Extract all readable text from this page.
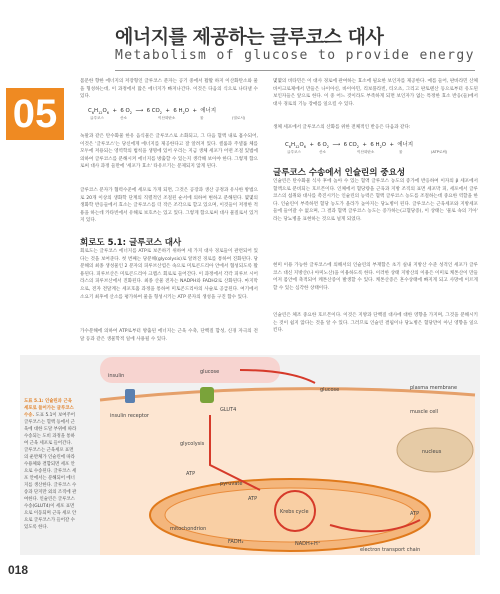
에너지를 제공하는 글루코스 대사
Metabolism of glucose to provide energy
05
몸문한 향한 에너지의 저장형인 글루코스 분자는 공기 중에서 활활 하지 이산화탄소와 물을 형성하는데, 이 과정에서 많은 에너지가 빠져나간다. 이것은 다음의 식으로 나타낼 수 있다.
$C_6H_{12}O_6 + 6$ $O_2$  ⟶  6 $CO_2 + 6$ $H_2O$  +  에너지
글루코스	산소	이산화탄소	물	(열로서)
녹말과 같은 탄수화물 한유 음식물은 글루코스로 소화되고, 그 다음 혈액 내로 흡수되어, 이것은 '글루코스'는 당신에게 에너지를 제공한다고 잘 알려져 있다. 셀룰과 주셀룰 체를 모두에 저용되는 영역학의 법칙을 생명에 있어 우리는 지금 생체 세포가 어떤 조절 있법에 의하여 글루코스를 분해시켜 에너지를 방출할 수 있는지 생각해 보아야 한다. 그렇게 함으로써 대사 과정 들만에 '세포가 효소' 타유르기는 문제되지 않게 된다.
글루코스 분자가 협력수준에 세포로 가게 되면, 그것은 공장과 생산 공정과 유사한 방법으로 20개 이상의 생화학 단계의 직렬적인 조절된 순서에 의하여 변하고 분해된다. 몇몇의 생화학 반응들에서 효소는 글루코스를 더 작은 조각으로 할고 있으며, 이것들이 저정한 적용을 하는데 카타빈에서 유해로 보호쓰는 있고 있다. 그렇게 함으로써 대사 물질로서 있거지 있다.
회로도 5.1: 글루코스 대사
회로도는 글루코스 에너지를 ATP로 보존하기 위하여 세 가지 대사 경로들이 관련되어 있다는 것을 보여준다. 첫 번째는 당분해(glycolysis)로 알려진 경로를 통하여 진화된다. 당분해의 최종 생성물인 2 분자의 피루브산염은 속으로 미토콘드리아 안에서 협성되도록 활용된다. 피루브산은 미토콘드리아 크렙스 회로로 들어간다. 이 과정에서 각각 피루브 시어라스의 피루브산에서 진화된다. 최종 산물 전자는 NADPH와 FADH2로 산화된다. 마지막 으로, 전자 전달계는 세포호흡 과정을 통하여 미토콘드리아의 사슬로 공급된다. 여기에서 소요기 최후에 산소를 평가하여 물을 형성시키는 ATP 분자의 생성을 구진 함수 있다.
가수분해에 의하여 ATP로부터 방출된 에너지는 근육 수축, 단백질 합성, 신경 자극의 전달 등과 같은 생물학적 일에 사용될 수 있다.
몇몇의 비타민은 이 대사 경로에 관여하는 효소에 필요한 보인자를 제공한다. 예를 들어, 판바라민 산체바이크로제에서 만들은 나이아신, 바이아민, 리보플라빈, 티오츠, 그리고 판토텐산 등으로부터 유도된 보인자들은 앞으로 한다. 이 중 어느 것이라도 부족하게 되면 보인자가 없는 특정한 효소 반응(들)에서 대사 경로의 기능 장애를 일으킬 수 있다.
생체 세포에서 글루코스의 산화를 위한 전체적인 반응은 다음과 같다:
$C_6H_{12}O_6 + 6$ $O_2$  ⟶  6 $CO_2 + 6$ $H_2O$  +  에너지
글루코스	산소	이산화탄소	물	(ATP로써)
글루코스 수송에서 인슐린의 중요성
인슐린은 탄수화물 식사 후에 높아 수 있는 혈액 글루코스 농도의 증가에 반응하여 이자의 β 세포에서 혈액으로 분비되는 호르몬이다. 인체에서 혈당량을 근육과 지방 조직의 표면 세포막 피, 세포에서 글루코스의 섭취와 대사를 촉진시키는 인슐린의 능력은 혈액 글루코스 농도를 조절하는데 중요한 역할을 한다. 인슐린이 부족하면 혈당 농도가 올라가 높아지는 당뇨병이 된다. 글루코스는 근육세포와 지방세포들에 들어갈 수 없으며, 그 결과 혈액 글루코스 농도는 증가하는(고혈당증), 이 상태는 '물로 속의 기아' 라는 당뇨병을 표현하는 것으로 널게 되었다.
현미 이용 가능한 글루코스에 의해서의 인슐린의 부재함은 초기 실내 지방산 수준 성격인 세포가 글루코스 대신 지방산(나 아미노산)을 이용하도록 한다. 이러한 상태 지방산의 이용은 이미로 케톤산이 만들어져 몸안에 축적되어 케톤산증이 발생할 수 있다. 케톤산증은 혼수상태에 빠지게 되고 사망에 이르게 할 수 있는 심각한 상태이다.
인슐린은 체조 중요한 호르몬이다. 이것은 지방과 단백질 대사에 대한 영향을 가지며, 그것을 분해시키는 것이 쉽지 않다는 것을 알 수 있다. 그러므로 인슐린 결핍이나 당뇨병은 혈당만이 아닌 영향을 일으킨다.
도표 5.1: 인슐린과 근육 세포로 들어가는 글루코스 수송. 도표 5.1이 보여주어 글루코스는 혈액 등에서 근육에 대한 도달 부위에 따라 수송되는 도비 과정을 통하여 근육 세포로 들어간다. 글루코스는 근육세포 표면의 운반체가 인슐린에 따라 수용체와 결합되면 세포 안으로 수송된다. 글루코스 세포 안에서는 분해되어 에너지를 생산한다. 글루코스 수송과 단지만 외의 조직에 관여한다. 인슐린은 글루코스 수송(GLUT4)이 세포 표면으로 이동되며 근육 세포 안으로 글루코스가 들어갈 수 있도록 한다.
glucose
insulin
insulin receptor
GLUT4
glycolysis
glucose
pyruvate
Krebs cycle
ATP
ATP
ATP
FADH₂	NADH+H⁺
electron transport chain
mitochondrion
nucleus
muscle cell
plasma membrane
018
